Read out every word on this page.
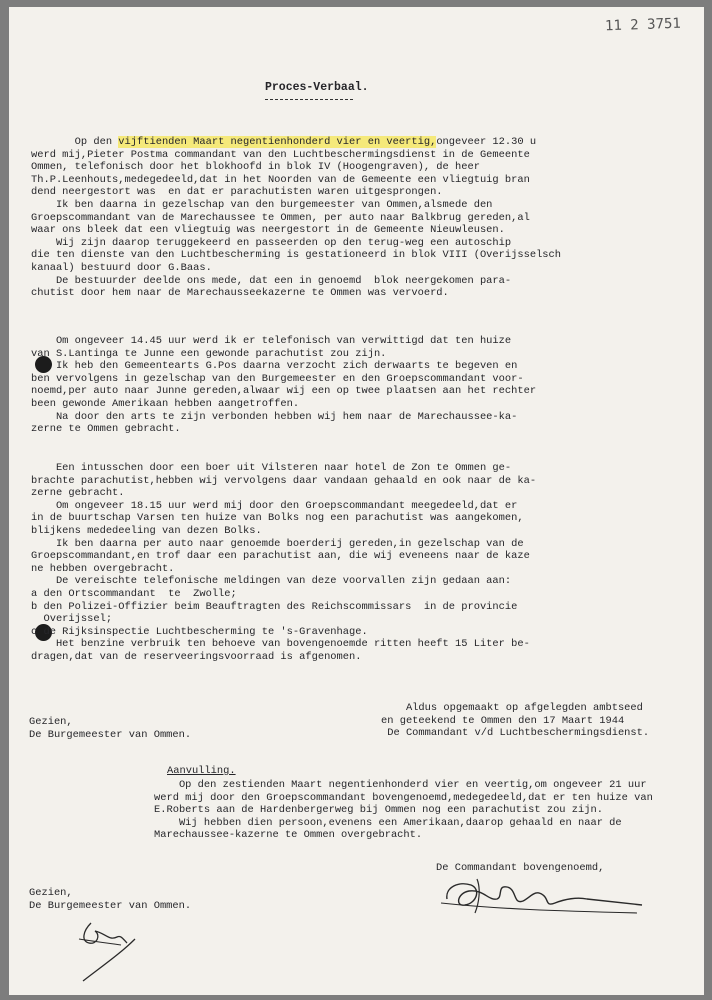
11 2 3751
Proces-Verbaal.
Op den vijftienden Maart negentienhonderd vier en veertig,ongeveer 12.30 u
werd mij,Pieter Postma commandant van den Luchtbeschermingsdienst in de Gemeente
Ommen, telefonisch door het blokhoofd in blok IV (Hoogengraven), de heer
Th.P.Leenhouts,medegedeeld,dat in het Noorden van de Gemeente een vliegtuig bran
dend neergestort was  en dat er parachutisten waren uitgesprongen.
Ik ben daarna in gezelschap van den burgemeester van Ommen,alsmede den
Groepscommandant van de Marechaussee te Ommen, per auto naar Balkbrug gereden,al
waar ons bleek dat een vliegtuig was neergestort in de Gemeente Nieuwleusen.
Wij zijn daarop teruggekeerd en passeerden op den terug-weg een autoschip
die ten dienste van den Luchtbescherming is gestationeerd in blok VIII (Overijsselsch
kanaal) bestuurd door G.Baas.
De bestuurder deelde ons mede, dat een in genoemd  blok neergekomen para-
chutist door hem naar de Marechausseekazerne te Ommen was vervoerd.
Om ongeveer 14.45 uur werd ik er telefonisch van verwittigd dat ten huize
van S.Lantinga te Junne een gewonde parachutist zou zijn.
Ik heb den Gemeentearts G.Pos daarna verzocht zich derwaarts te begeven en
ben vervolgens in gezelschap van den Burgemeester en den Groepscommandant voor-
noemd,per auto naar Junne gereden,alwaar wij een op twee plaatsen aan het rechter
been gewonde Amerikaan hebben aangetroffen.
Na door den arts te zijn verbonden hebben wij hem naar de Marechaussee-ka-
zerne te Ommen gebracht.
Een intusschen door een boer uit Vilsteren naar hotel de Zon te Ommen ge-
brachte parachutist,hebben wij vervolgens daar vandaan gehaald en ook naar de ka-
zerne gebracht.
Om ongeveer 18.15 uur werd mij door den Groepscommandant meegedeeld,dat er
in de buurtschap Varsen ten huize van Bolks nog een parachutist was aangekomen,
blijkens mededeeling van dezen Bolks.
Ik ben daarna per auto naar genoemde boerderij gereden,in gezelschap van de
Groepscommandant,en trof daar een parachutist aan, die wij eveneens naar de kaze
ne hebben overgebracht.
De vereischte telefonische meldingen van deze voorvallen zijn gedaan aan:
a den Ortscommandant  te  Zwolle;
b den Polizei-Offizier beim Beauftragten des Reichscommissars  in de provincie
Overijssel;
c de Rijksinspectie Luchtbescherming te 's-Gravenhage.
Het benzine verbruik ten behoeve van bovengenoemde ritten heeft 15 Liter be-
dragen,dat van de reserveeringsvoorraad is afgenomen.
Gezien,
De Burgemeester van Ommen.
Aldus opgemaakt op afgelegden ambtseed
en geteekend te Ommen den 17 Maart 1944
De Commandant v/d Luchtbeschermingsdienst.
Aanvulling.
Op den zestienden Maart negentienhonderd vier en veertig,om ongeveer 21 uur
werd mij door den Groepscommandant bovengenoemd,medegedeeld,dat er ten huize van
E.Roberts aan de Hardenbergerweg bij Ommen nog een parachutist zou zijn.
Wij hebben dien persoon,evenens een Amerikaan,daarop gehaald en naar de
Marechaussee-kazerne te Ommen overgebracht.
De Commandant bovengenoemd,
Gezien,
De Burgemeester van Ommen.
